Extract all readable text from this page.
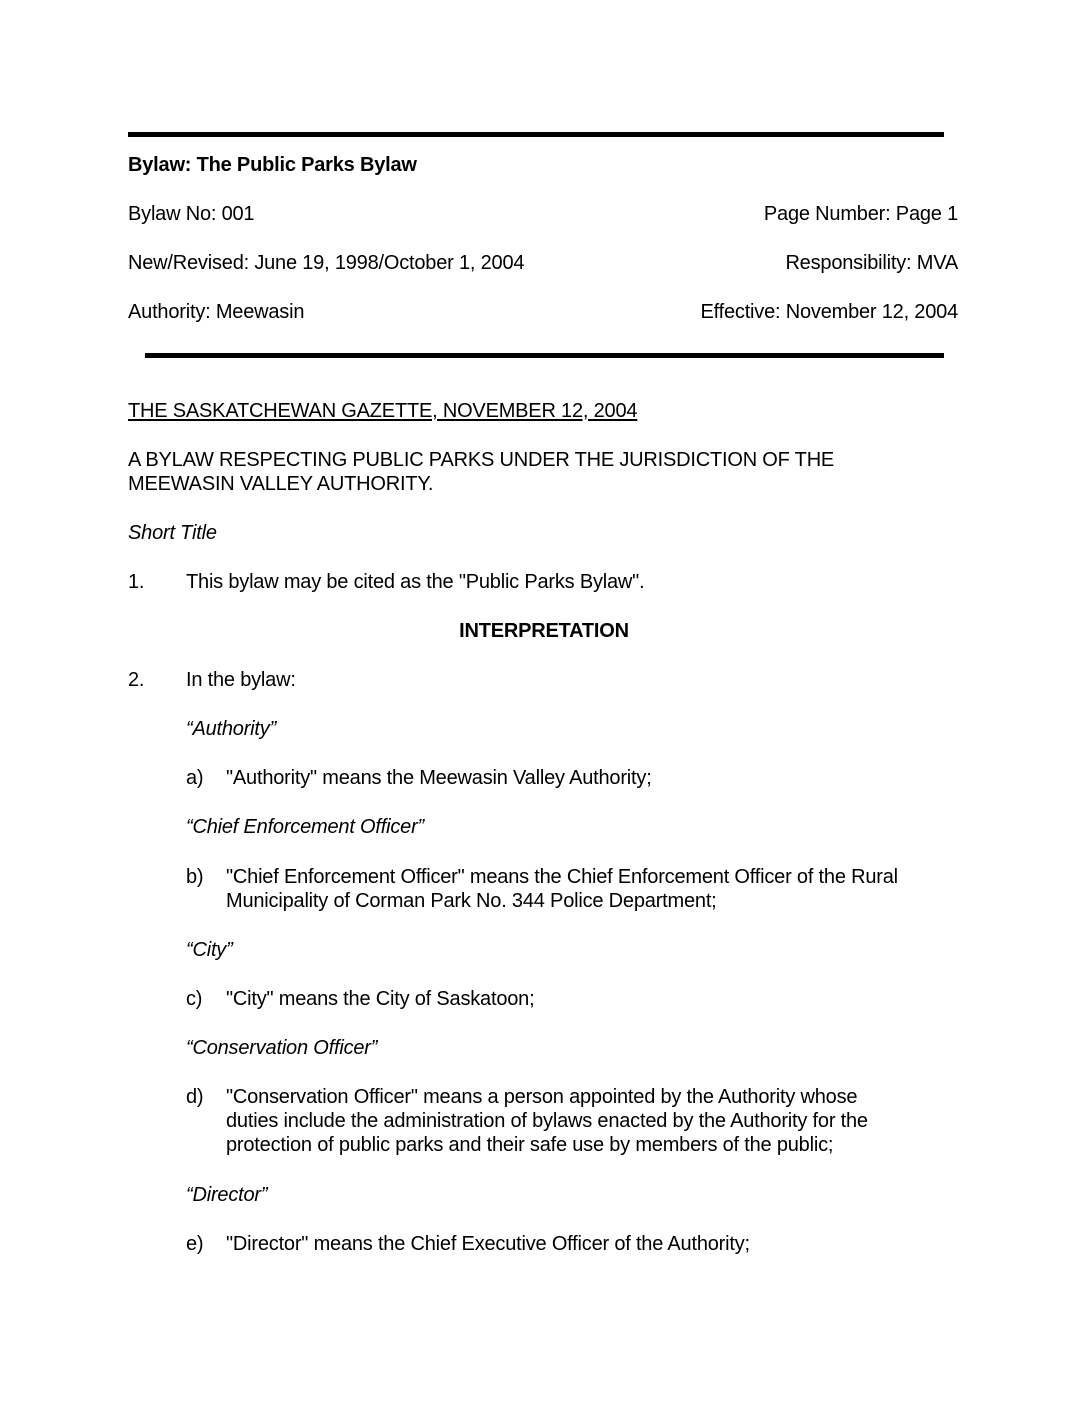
Bylaw: The Public Parks Bylaw
Bylaw No: 001	Page Number: Page 1
New/Revised: June 19, 1998/October 1, 2004	Responsibility: MVA
Authority: Meewasin	Effective: November 12, 2004
THE SASKATCHEWAN GAZETTE, NOVEMBER 12, 2004
A BYLAW RESPECTING PUBLIC PARKS UNDER THE JURISDICTION OF THE
MEEWASIN VALLEY AUTHORITY.
Short Title
1. This bylaw may be cited as the "Public Parks Bylaw".
INTERPRETATION
2. In the bylaw:
“Authority”
a) "Authority" means the Meewasin Valley Authority;
“Chief Enforcement Officer”
b) "Chief Enforcement Officer" means the Chief Enforcement Officer of the Rural
Municipality of Corman Park No. 344 Police Department;
“City”
c) "City" means the City of Saskatoon;
“Conservation Officer”
d) "Conservation Officer" means a person appointed by the Authority whose
duties include the administration of bylaws enacted by the Authority for the
protection of public parks and their safe use by members of the public;
“Director”
e) "Director" means the Chief Executive Officer of the Authority;
